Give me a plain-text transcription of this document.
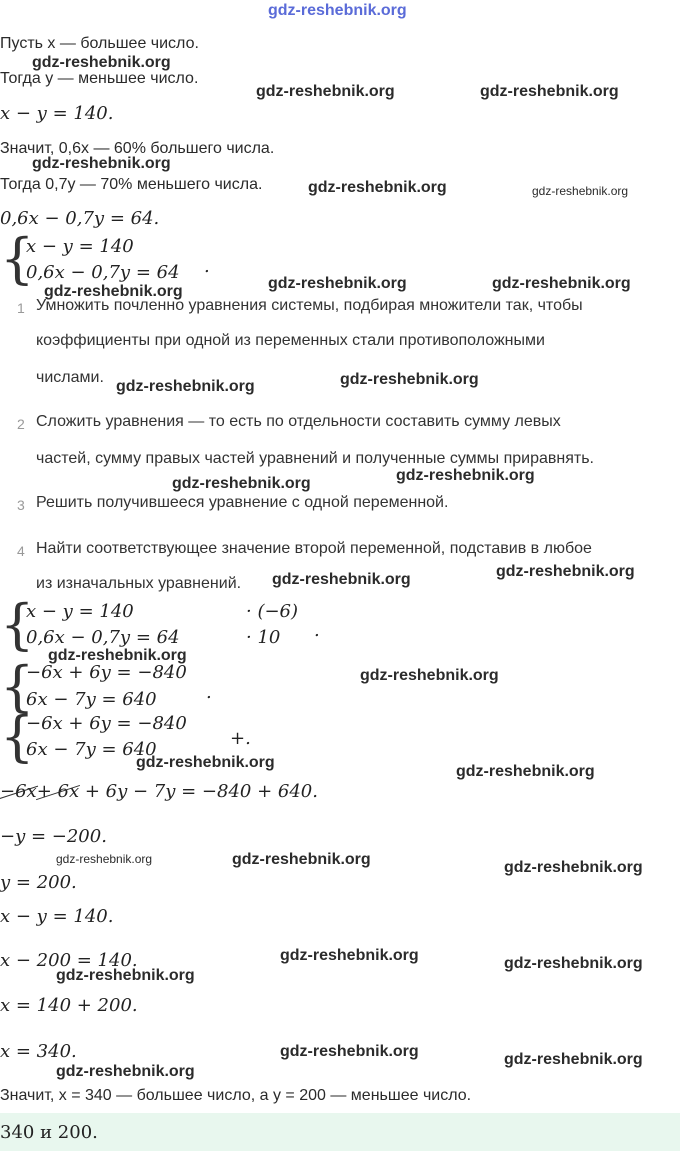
gdz-reshebnik.org
Пусть x — большее число.
gdz-reshebnik.org
Тогда y — меньшее число.
gdz-reshebnik.org	gdz-reshebnik.org
x − y = 140.
Значит, 0,6x — 60% большего числа.
gdz-reshebnik.org
Тогда 0,7y — 70% меньшего числа.	gdz-reshebnik.org	gdz-reshebnik.org
0,6x − 0,7y = 64.
{
x − y = 140
0,6x − 0,7y = 64 .
gdz-reshebnik.org	gdz-reshebnik.org
1 Умножить почленно уравнения системы, подбирая множители так, чтобы
gdz-reshebnik.org
коэффициенты при одной из переменных стали противоположными
числами.
gdz-reshebnik.org	gdz-reshebnik.org
2 Сложить уравнения — то есть по отдельности составить сумму левых
частей, сумму правых частей уравнений и полученные суммы приравнять.
gdz-reshebnik.org
gdz-reshebnik.org
3 Решить получившееся уравнение с одной переменной.
4 Найти соответствующее значение второй переменной, подставив в любое
из изначальных уравнений. gdz-reshebnik.org	gdz-reshebnik.org
{
x − y = 140	· (−6)
0,6x − 0,7y = 64	· 10 .
gdz-reshebnik.org
{
−6x + 6y = −840
6x − 7y = 640	.
gdz-reshebnik.org
{
−6x + 6y = −840
6x − 7y = 640
+.
gdz-reshebnik.org
gdz-reshebnik.org
−6x+ 6x + 6y − 7y = −840 + 640.
−y = −200.
gdz-reshebnik.org	gdz-reshebnik.org	gdz-reshebnik.org
y = 200.
x − y = 140.
x − 200 = 140.	gdz-reshebnik.org	gdz-reshebnik.org
gdz-reshebnik.org
x = 140 + 200.
x = 340.	gdz-reshebnik.org	gdz-reshebnik.org
gdz-reshebnik.org
Значит, x = 340 — большее число, а y = 200 — меньшее число.
340 и 200.
